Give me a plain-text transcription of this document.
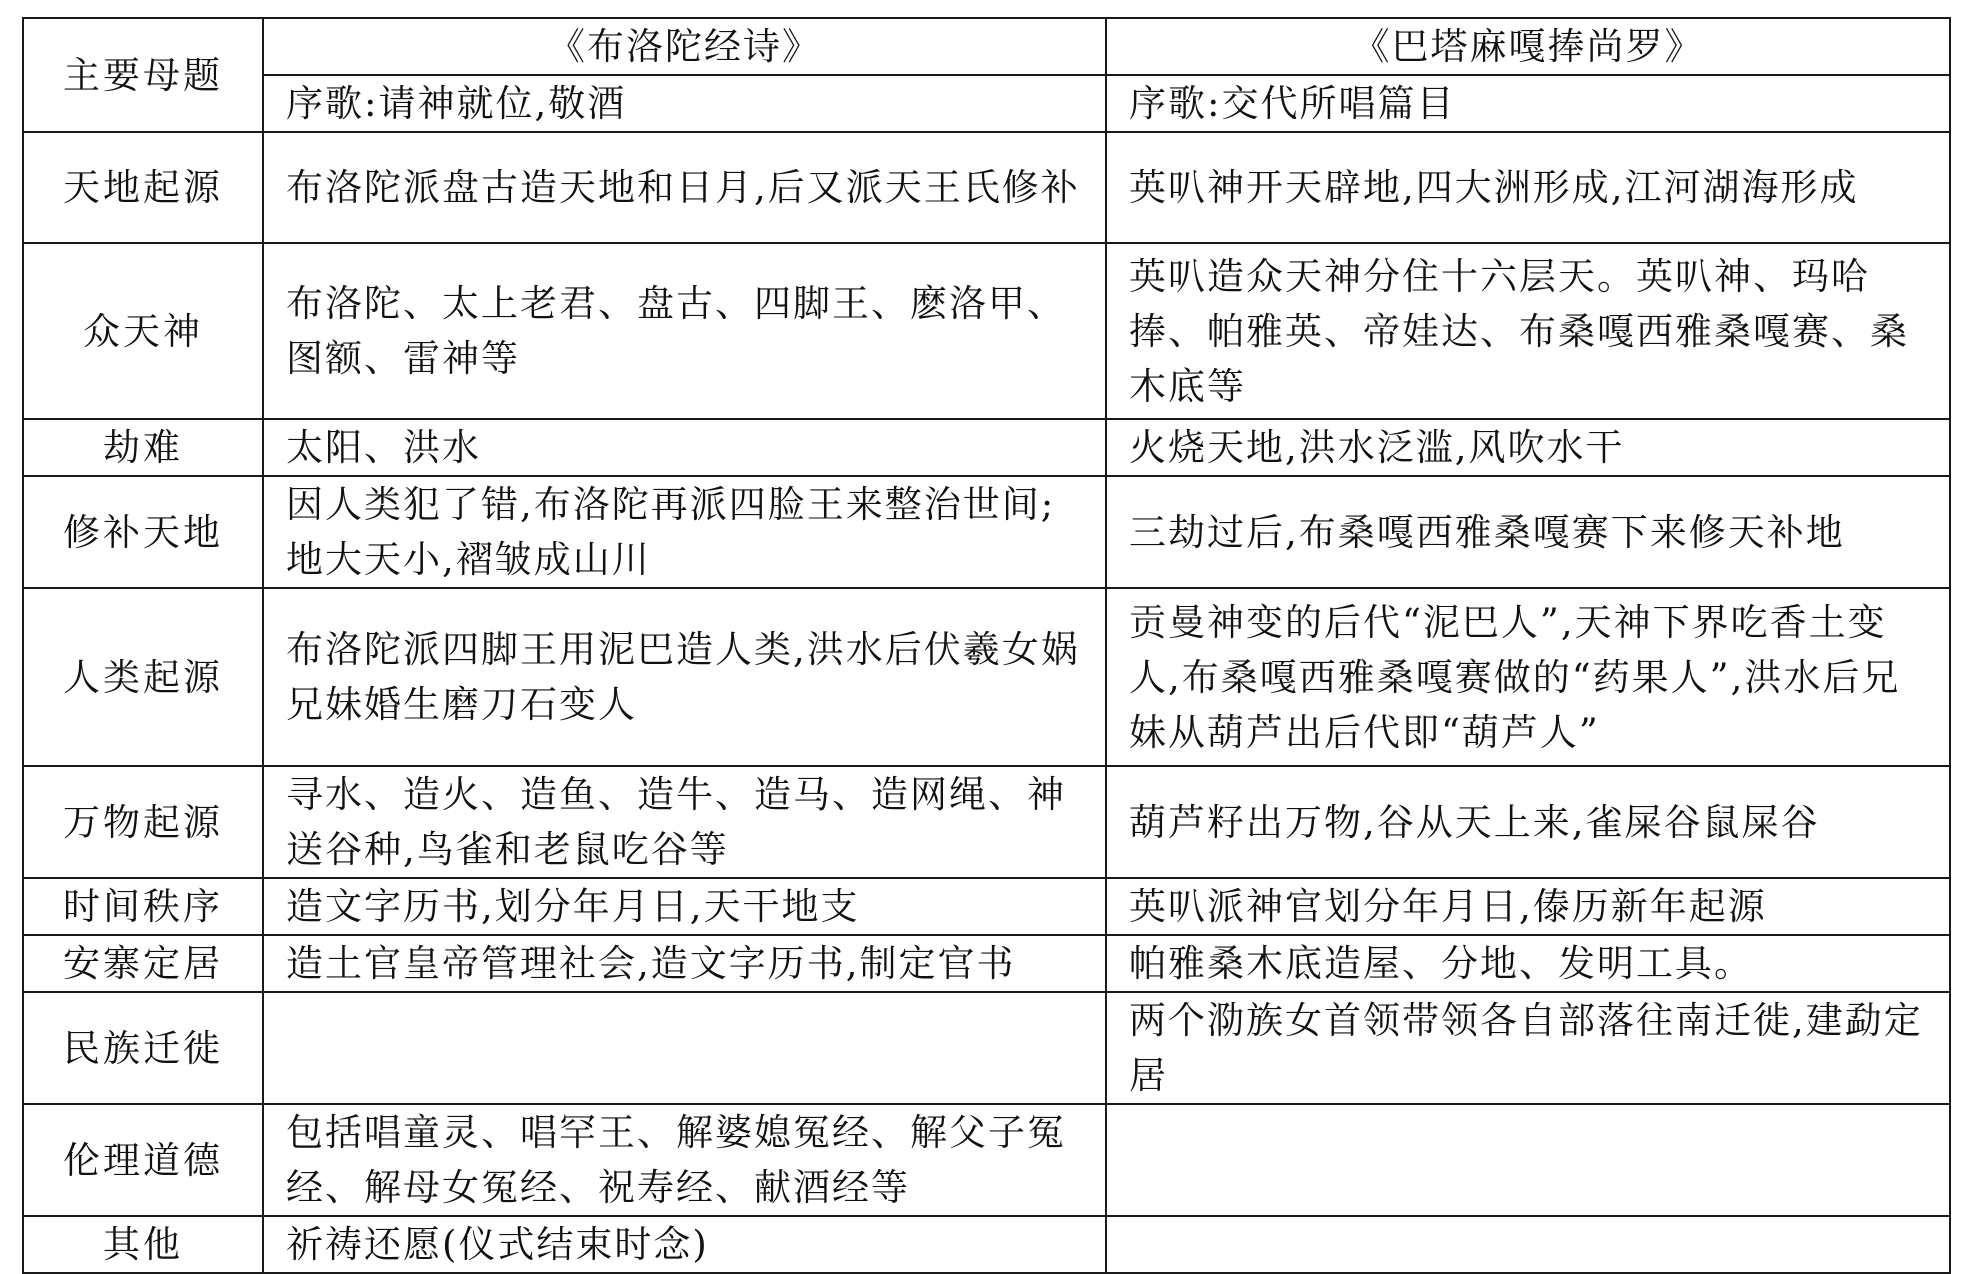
主要母题	《布洛陀经诗》	《巴塔麻嘎捧尚罗》
	序歌:请神就位,敬酒	序歌:交代所唱篇目
天地起源	布洛陀派盘古造天地和日月,后又派天王氏修补	英叭神开天辟地,四大洲形成,江河湖海形成
众天神	布洛陀、太上老君、盘古、四脚王、麽洛甲、图额、雷神等	英叭造众天神分住十六层天。英叭神、玛哈捧、帕雅英、帝娃达、布桑嘎西雅桑嘎赛、桑木底等
劫难	太阳、洪水	火烧天地,洪水泛滥,风吹水干
修补天地	因人类犯了错,布洛陀再派四脸王来整治世间;地大天小,褶皱成山川	三劫过后,布桑嘎西雅桑嘎赛下来修天补地
人类起源	布洛陀派四脚王用泥巴造人类,洪水后伏羲女娲兄妹婚生磨刀石变人	贡曼神变的后代“泥巴人”,天神下界吃香土变人,布桑嘎西雅桑嘎赛做的“药果人”,洪水后兄妹从葫芦出后代即“葫芦人”
万物起源	寻水、造火、造鱼、造牛、造马、造网绳、神送谷种,鸟雀和老鼠吃谷等	葫芦籽出万物,谷从天上来,雀屎谷鼠屎谷
时间秩序	造文字历书,划分年月日,天干地支	英叭派神官划分年月日,傣历新年起源
安寨定居	造土官皇帝管理社会,造文字历书,制定官书	帕雅桑木底造屋、分地、发明工具。
民族迁徙		两个泐族女首领带领各自部落往南迁徙,建勐定居
伦理道德	包括唱童灵、唱罕王、解婆媳冤经、解父子冤经、解母女冤经、祝寿经、献酒经等	
其他	祈祷还愿(仪式结束时念)	
